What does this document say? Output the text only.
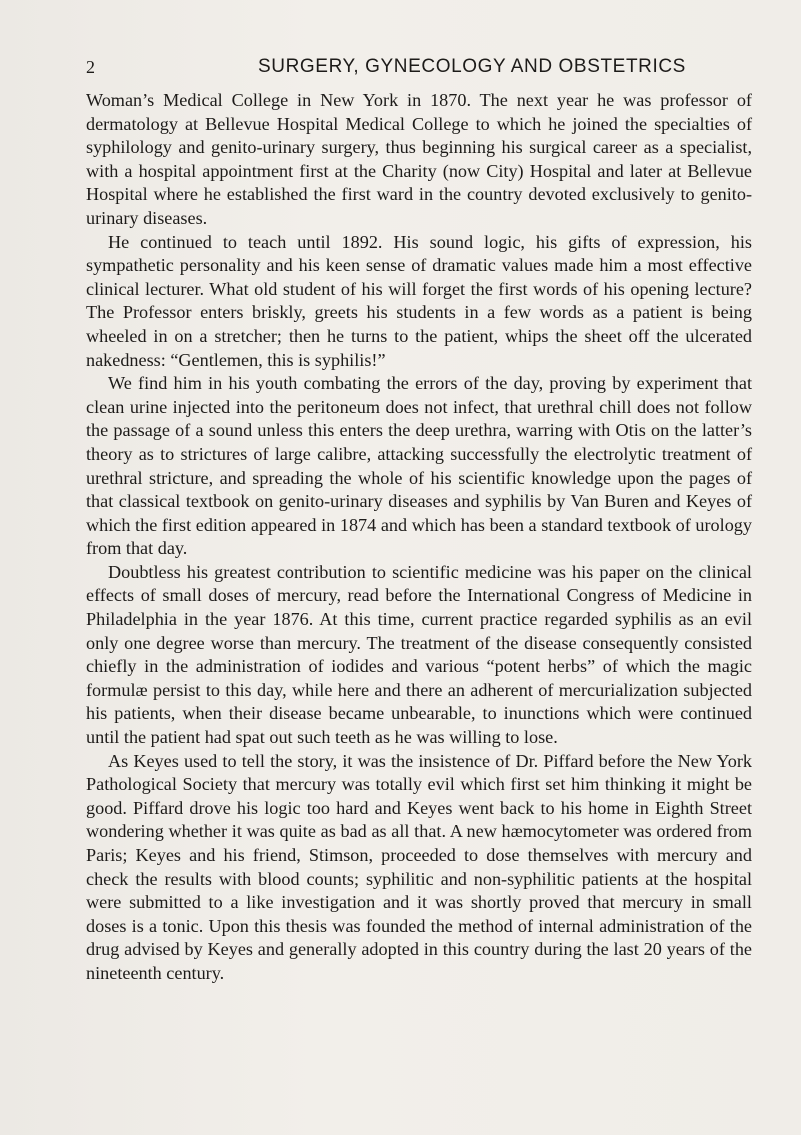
2	SURGERY, GYNECOLOGY AND OBSTETRICS

Woman’s Medical College in New York in 1870. The next year he was professor of dermatology at Bellevue Hospital Medical College to which he joined the specialties of syphilology and genito-urinary surgery, thus beginning his surgical career as a specialist, with a hospital appointment first at the Charity (now City) Hospital and later at Bellevue Hospital where he established the first ward in the country devoted exclusively to genito-urinary diseases.

He continued to teach until 1892. His sound logic, his gifts of expression, his sympathetic personality and his keen sense of dramatic values made him a most effective clinical lecturer. What old student of his will forget the first words of his opening lecture? The Professor enters briskly, greets his students in a few words as a patient is being wheeled in on a stretcher; then he turns to the patient, whips the sheet off the ulcerated nakedness: “Gentlemen, this is syphilis!”

We find him in his youth combating the errors of the day, proving by experiment that clean urine injected into the peritoneum does not infect, that urethral chill does not follow the passage of a sound unless this enters the deep urethra, warring with Otis on the latter’s theory as to strictures of large calibre, attacking successfully the electrolytic treatment of urethral stricture, and spreading the whole of his scientific knowledge upon the pages of that classical textbook on genito-urinary diseases and syphilis by Van Buren and Keyes of which the first edition appeared in 1874 and which has been a standard textbook of urology from that day.

Doubtless his greatest contribution to scientific medicine was his paper on the clinical effects of small doses of mercury, read before the International Congress of Medicine in Philadelphia in the year 1876. At this time, current practice regarded syphilis as an evil only one degree worse than mercury. The treatment of the disease consequently consisted chiefly in the administration of iodides and various “potent herbs” of which the magic formulæ persist to this day, while here and there an adherent of mercurialization subjected his patients, when their disease became unbearable, to inunctions which were continued until the patient had spat out such teeth as he was willing to lose.

As Keyes used to tell the story, it was the insistence of Dr. Piffard before the New York Pathological Society that mercury was totally evil which first set him thinking it might be good. Piffard drove his logic too hard and Keyes went back to his home in Eighth Street wondering whether it was quite as bad as all that. A new hæmocytometer was ordered from Paris; Keyes and his friend, Stimson, proceeded to dose themselves with mercury and check the results with blood counts; syphilitic and non-syphilitic patients at the hospital were submitted to a like investigation and it was shortly proved that mercury in small doses is a tonic. Upon this thesis was founded the method of internal administration of the drug advised by Keyes and generally adopted in this country during the last 20 years of the nineteenth century.
